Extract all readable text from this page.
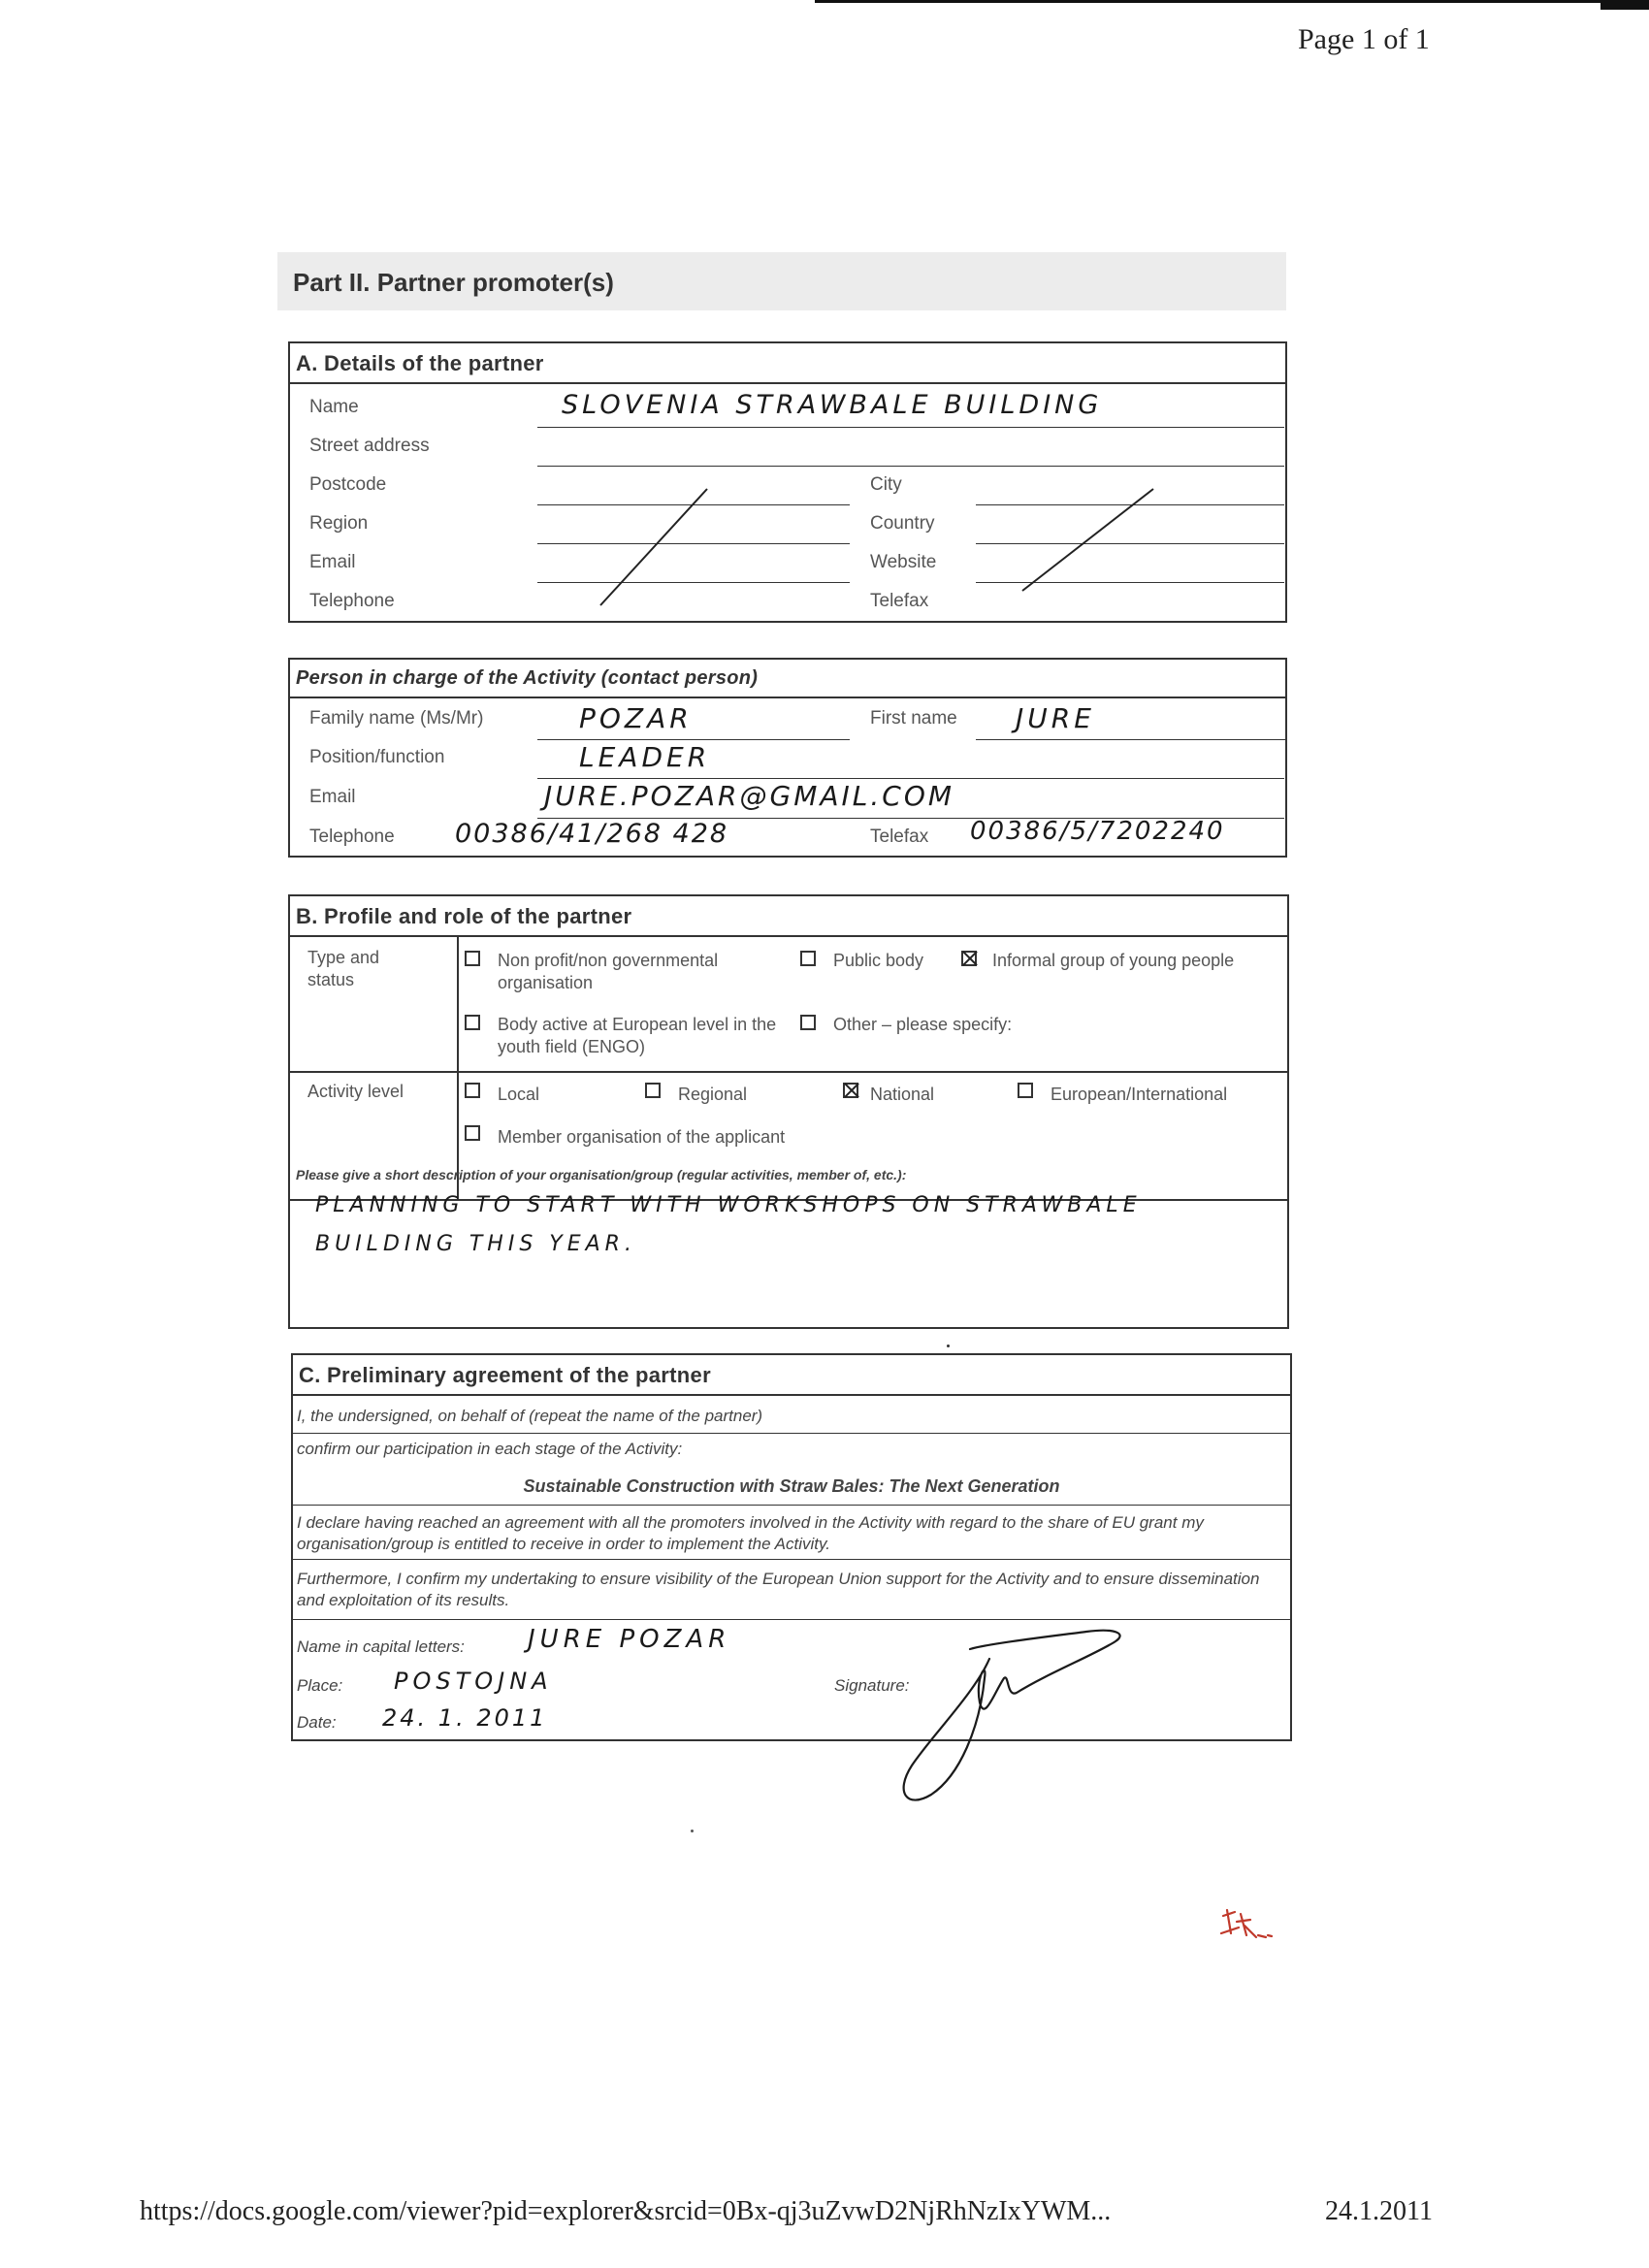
Page 1 of 1
Part II. Partner promoter(s)
A. Details of the partner
Name	SLOVENIA STRAWBALE BUILDING
Street address
Postcode	City
Region	Country
Email	Website
Telephone	Telefax
Person in charge of the Activity (contact person)
Family name (Ms/Mr)	POZAR	First name JURE
Position/function	LEADER
Email	JURE.POZAR@GMAIL.COM
Telephone 00386/41/268 428	Telefax 00386/5/7202240
B. Profile and role of the partner
Type and status
Non profit/non governmental organisation
Public body	Informal group of young people
Body active at European level in the youth field (ENGO)
Other – please specify:
Activity level	Local	Regional	National	European/International
Member organisation of the applicant
Please give a short description of your organisation/group (regular activities, member of, etc.):
PLANNING TO START WITH WORKSHOPS ON STRAWBALE
BUILDING THIS YEAR.
C. Preliminary agreement of the partner
I, the undersigned, on behalf of (repeat the name of the partner)
confirm our participation in each stage of the Activity:
Sustainable Construction with Straw Bales: The Next Generation
I declare having reached an agreement with all the promoters involved in the Activity with regard to the share of EU grant my organisation/group is entitled to receive in order to implement the Activity.
Furthermore, I confirm my undertaking to ensure visibility of the European Union support for the Activity and to ensure dissemination and exploitation of its results.
Name in capital letters:	JURE POZAR
Place: POSTOJNA	Signature:
Date: 24. 1. 2011
https://docs.google.com/viewer?pid=explorer&srcid=0Bx-qj3uZvwD2NjRhNzIxYWM...	24.1.2011
